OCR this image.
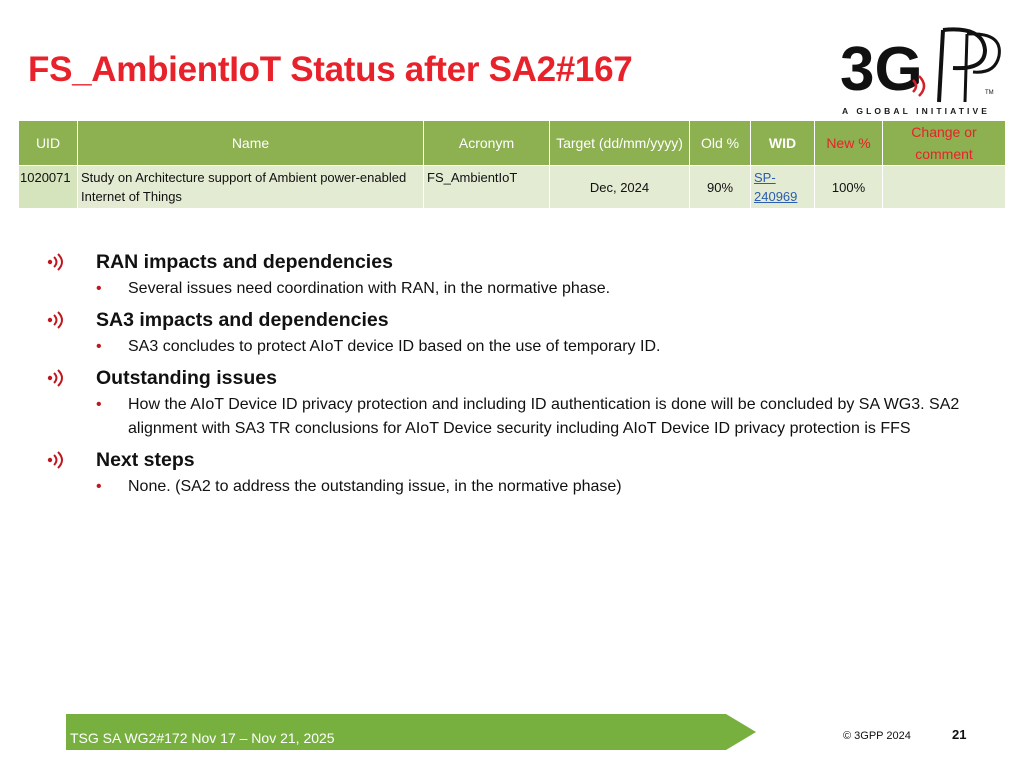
FS_AmbientIoT Status after SA2#167	3G	TM
A GLOBAL INITIATIVE
UID	Name	Acronym	Target (dd/mm/yyyy)	Old %	WID	New %	Change or comment
1020071	Study on Architecture support of Ambient power-enabled Internet of Things	FS_AmbientIoT	Dec, 2024	90%	SP-240969	100%	
RAN impacts and dependencies
•	Several issues need coordination with RAN, in the normative phase.
SA3 impacts and dependencies
•	SA3 concludes to protect AIoT device ID based on the use of temporary ID.
Outstanding issues
•	How the AIoT Device ID privacy protection and including ID authentication is done will be concluded by SA WG3. SA2 alignment with SA3 TR conclusions for AIoT Device security including AIoT Device ID privacy protection is FFS
Next steps
•	None. (SA2 to address the outstanding issue, in the normative phase)
TSG SA WG2#172 Nov 17 – Nov 21, 2025	© 3GPP 2024	21
